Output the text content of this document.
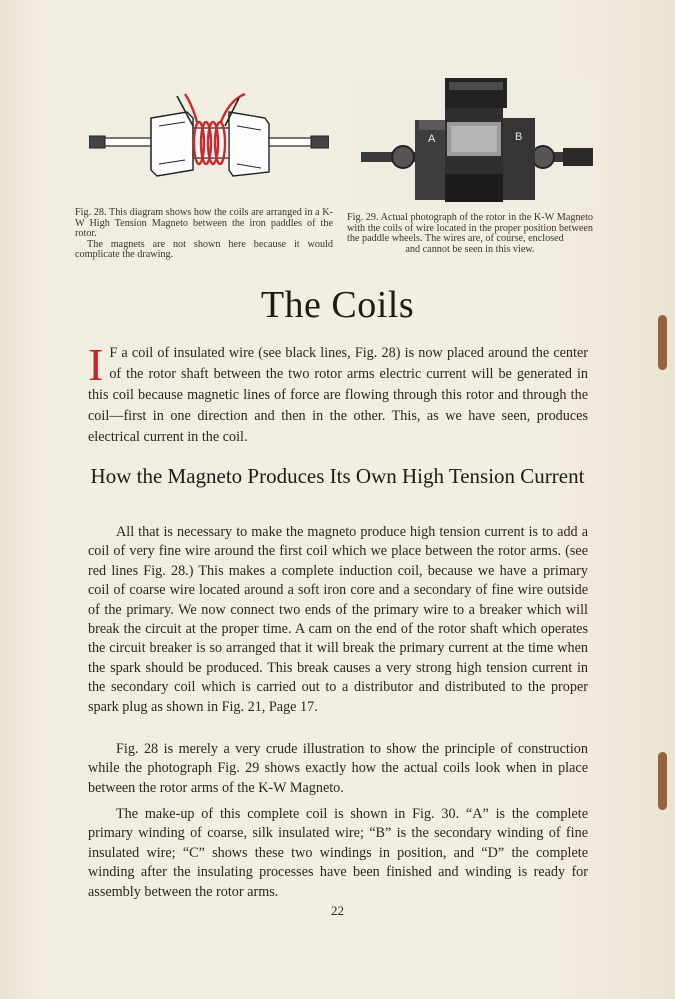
A	B

Fig. 28. This diagram shows how the coils are arranged in a K-W High Tension Magneto between the iron paddles of the rotor.

The magnets are not shown here because it would complicate the drawing.

Fig. 29. Actual photograph of the rotor in the K-W Magneto with the coils of wire located in the proper position between the paddle wheels. The wires are, of course, enclosed

and cannot be seen in this view.

The Coils

I F a coil of insulated wire (see black lines, Fig. 28) is now placed around the center of the rotor shaft between the two rotor arms electric current will be generated in this coil because magnetic lines of force are flowing through this rotor and through the coil—first in one direction and then in the other. This, as we have seen, produces electrical current in the coil.

How the Magneto Produces Its Own High Tension Current

All that is necessary to make the magneto produce high tension current is to add a coil of very fine wire around the first coil which we place between the rotor arms. (see red lines Fig. 28.) This makes a complete induction coil, because we have a primary coil of coarse wire located around a soft iron core and a secondary of fine wire outside of the primary. We now connect two ends of the primary wire to a breaker which will break the circuit at the proper time. A cam on the end of the rotor shaft which operates the circuit breaker is so arranged that it will break the primary current at the time when the spark should be produced. This break causes a very strong high tension current in the secondary coil which is carried out to a distributor and distributed to the proper spark plug as shown in Fig. 21, Page 17.

Fig. 28 is merely a very crude illustration to show the principle of construction while the photograph Fig. 29 shows exactly how the actual coils look when in place between the rotor arms of the K-W Magneto.

The make-up of this complete coil is shown in Fig. 30. “A” is the complete primary winding of coarse, silk insulated wire; “B” is the secondary winding of fine insulated wire; “C” shows these two windings in position, and “D” the complete winding after the insulating processes have been finished and winding is ready for assembly between the rotor arms.

22
